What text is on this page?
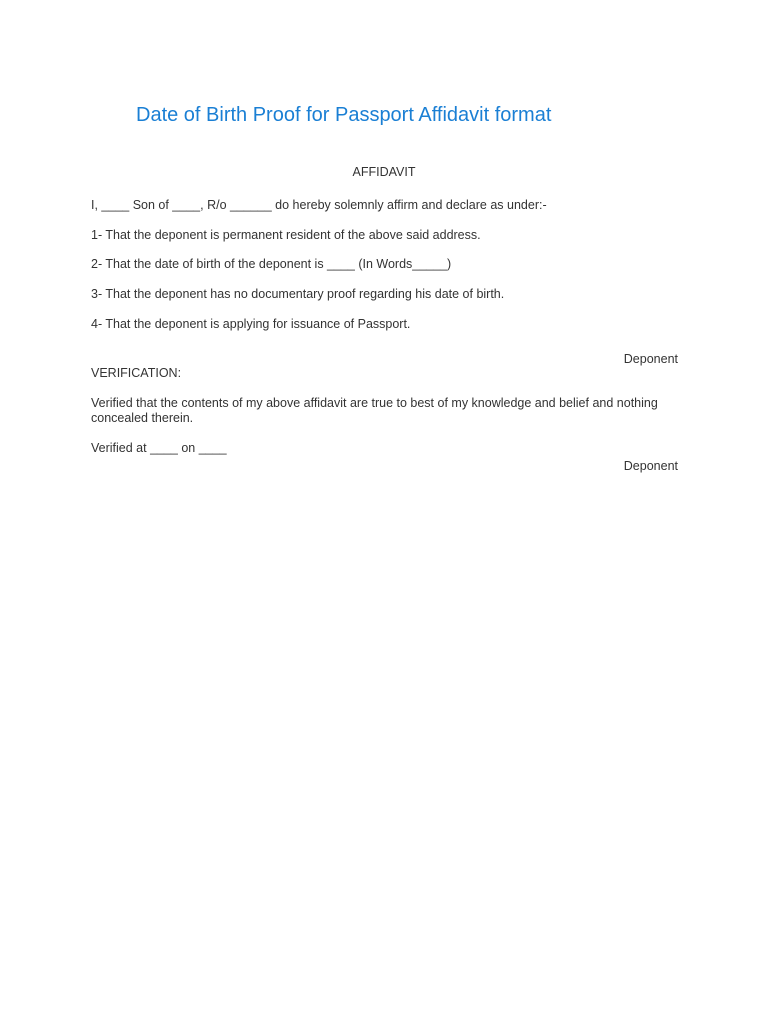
Date of Birth Proof for Passport Affidavit format
AFFIDAVIT
I, ____ Son of ____, R/o ______ do hereby solemnly affirm and declare as under:-
1- That the deponent is permanent resident of the above said address.
2- That the date of birth of the deponent is ____ (In Words_____)
3- That the deponent has no documentary proof regarding his date of birth.
4- That the deponent is applying for issuance of Passport.
Deponent
VERIFICATION:
Verified that the contents of my above affidavit are true to best of my knowledge and belief and nothing concealed therein.
Verified at ____ on ____
Deponent
